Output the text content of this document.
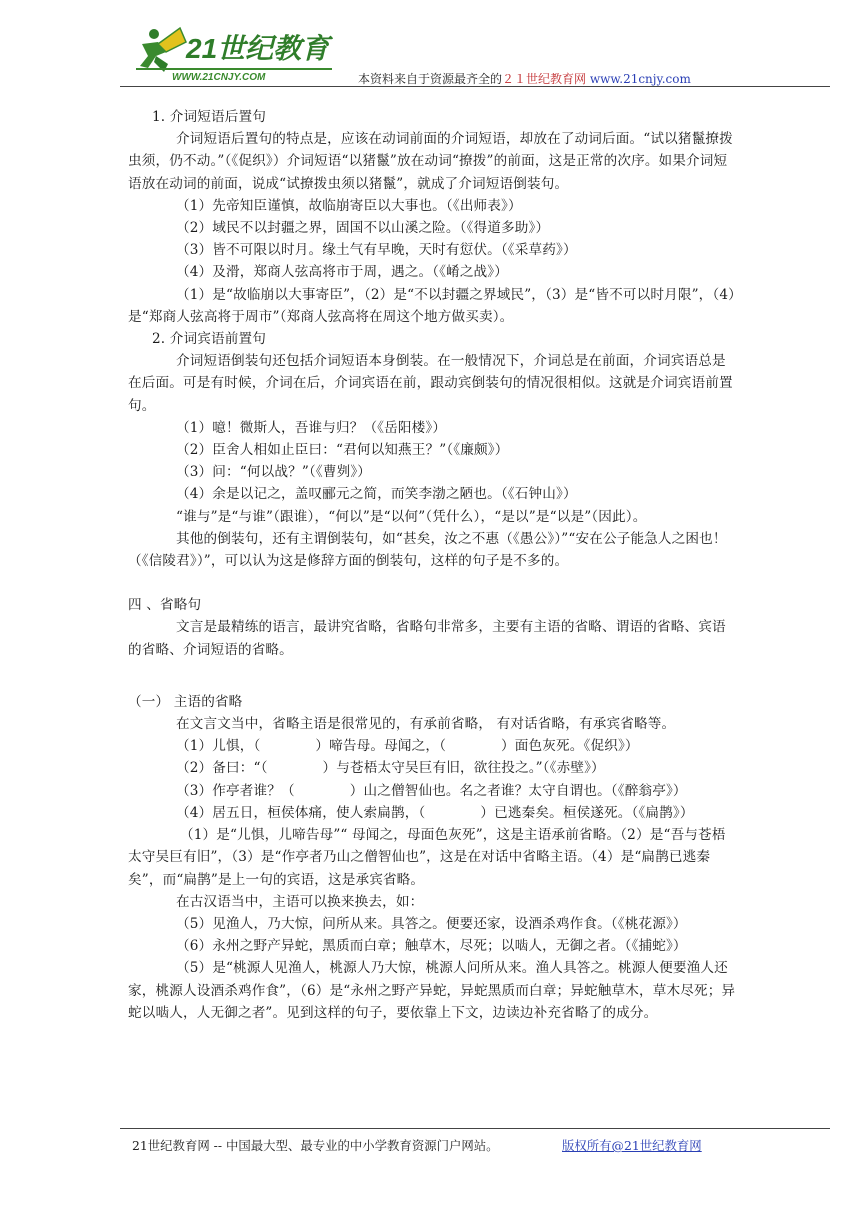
21世纪教育
WWW.21CNJY.COM	本资料来自于资源最齐全的２１世纪教育网 www.21cnjy.com

1. 介词短语后置句

介词短语后置句的特点是，应该在动词前面的介词短语，却放在了动词后面。“试以猪鬣撩拨虫须，仍不动。”（《促织》）介词短语“以猪鬣”放在动词“撩拨”的前面，这是正常的次序。如果介词短语放在动词的前面，说成“试撩拨虫须以猪鬣”，就成了介词短语倒装句。

（1）先帝知臣谨慎，故临崩寄臣以大事也。（《出师表》）

（2）域民不以封疆之界，固国不以山溪之险。（《得道多助》）

（3）皆不可限以时月。缘土气有早晚，天时有愆伏。（《采草药》）

（4）及滑，郑商人弦高将市于周，遇之。（《崤之战》）

（1）是“故临崩以大事寄臣”，（2）是“不以封疆之界域民”，（3）是“皆不可以时月限”，（4）是“郑商人弦高将于周市”（郑商人弦高将在周这个地方做买卖）。

2. 介词宾语前置句

介词短语倒装句还包括介词短语本身倒装。在一般情况下，介词总是在前面，介词宾语总是在后面。可是有时候，介词在后，介词宾语在前，跟动宾倒装句的情况很相似。这就是介词宾语前置句。

（1）噫！微斯人，吾谁与归？（《岳阳楼》）

（2）臣舍人相如止臣曰：“君何以知燕王？”（《廉颇》）

（3）问：“何以战？”（《曹刿》）

（4）余是以记之，盖叹郦元之简，而笑李渤之陋也。（《石钟山》）

“谁与”是“与谁”（跟谁），“何以”是“以何”（凭什么），“是以”是“以是”（因此）。

其他的倒装句，还有主谓倒装句，如“甚矣，汝之不惠（《愚公》）”“安在公子能急人之困也！（《信陵君》）”，可以认为这是修辞方面的倒装句，这样的句子是不多的。

四 、省略句

文言是最精练的语言，最讲究省略，省略句非常多，主要有主语的省略、谓语的省略、宾语的省略、介词短语的省略。

（一） 主语的省略

在文言文当中，省略主语是很常见的，有承前省略， 有对话省略，有承宾省略等。

（1）儿惧，（　　　　）啼告母。母闻之，（　　　　）面色灰死。《促织》）

（2）备曰：“（　　　　）与苍梧太守吴巨有旧，欲往投之。”（《赤壁》）

（3）作亭者谁？（　　　　）山之僧智仙也。名之者谁？太守自谓也。（《醉翁亭》）

（4）居五日，桓侯体痛，使人索扁鹊，（　　　　）已逃秦矣。桓侯遂死。（《扁鹊》）

（1）是“儿惧，儿啼告母”“ 母闻之，母面色灰死”，这是主语承前省略。（2）是“吾与苍梧太守吴巨有旧”，（3）是“作亭者乃山之僧智仙也”，这是在对话中省略主语。（4）是“扁鹊已逃秦矣”，而“扁鹊”是上一句的宾语，这是承宾省略。

在古汉语当中，主语可以换来换去，如：

（5）见渔人，乃大惊，问所从来。具答之。便要还家，设酒杀鸡作食。（《桃花源》）

（6）永州之野产异蛇，黑质而白章；触草木，尽死；以啮人，无御之者。（《捕蛇》）

（5）是“桃源人见渔人，桃源人乃大惊，桃源人问所从来。渔人具答之。桃源人便要渔人还家，桃源人设酒杀鸡作食”，（6）是“永州之野产异蛇，异蛇黑质而白章；异蛇触草木，草木尽死；异蛇以啮人，人无御之者”。见到这样的句子，要依靠上下文，边读边补充省略了的成分。

21世纪教育网 -- 中国最大型、最专业的中小学教育资源门户网站。	版权所有@21世纪教育网
